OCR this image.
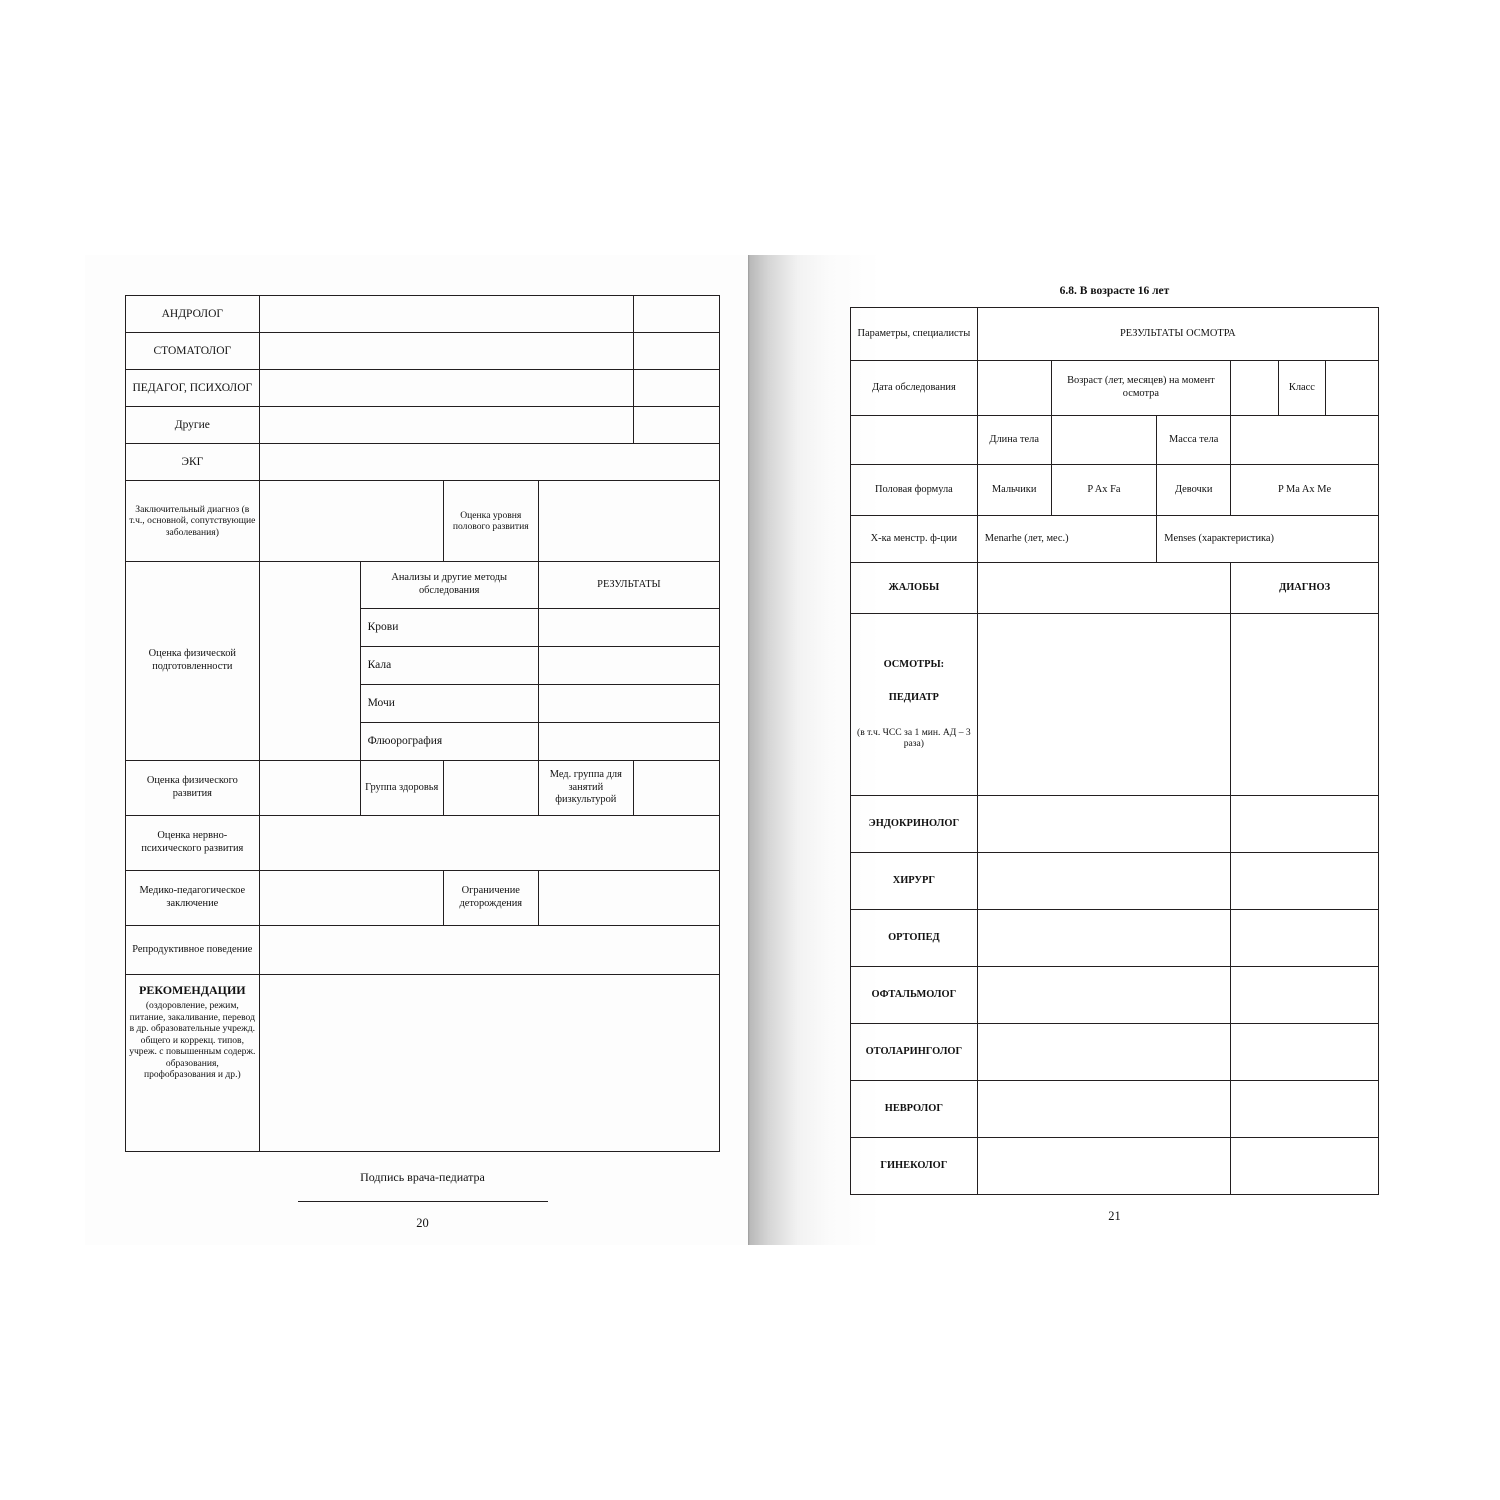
АНДРОЛОГ					
СТОМАТОЛОГ					
ПЕДАГОГ, ПСИХОЛОГ					
Другие					
ЭКГ					
Заключительный диагноз (в т.ч., основной, сопутствующие заболевания)			Оценка уровня полового развития		
Оценка физической подготовленности		Анализы и другие методы обследования		РЕЗУЛЬТАТЫ	
		Крови			
		Кала			
		Мочи			
		Флюорография			
Оценка физического развития		Группа здоровья		Мед. группа для занятий физкультурой	
Оценка нервно-психического развития					
Медико-педагогическое заключение			Ограничение деторождения		
Репродуктивное поведение					

РЕКОМЕНДАЦИИ
(оздоровление, режим, питание, закаливание, перевод в др. образовательные учрежд. общего и коррекц. типов, учреж. с повышенным содерж. образования, профобразования и др.)					

Подпись врача-педиатра
20
6.8. В возрасте 16 лет
Параметры, специалисты	РЕЗУЛЬТАТЫ ОСМОТРА					
Дата обследования		Возраст (лет, месяцев) на момент осмотра			Класс	
	Длина тела		Масса тела			
Половая формула	Мальчики	P Ax Fa	Девочки	P Ma Ax Me		
Х-ка менстр. ф-ции	Menarhe (лет, мес.)		Menses (характеристика)			
ЖАЛОБЫ				ДИАГНОЗ		

ОСМОТРЫ:
ПЕДИАТР
(в т.ч. ЧСС за 1 мин. АД – 3 раза)						

ЭНДОКРИНОЛОГ						
ХИРУРГ						
ОРТОПЕД						
ОФТАЛЬМОЛОГ						
ОТОЛАРИНГОЛОГ						
НЕВРОЛОГ						
ГИНЕКОЛОГ						
21
